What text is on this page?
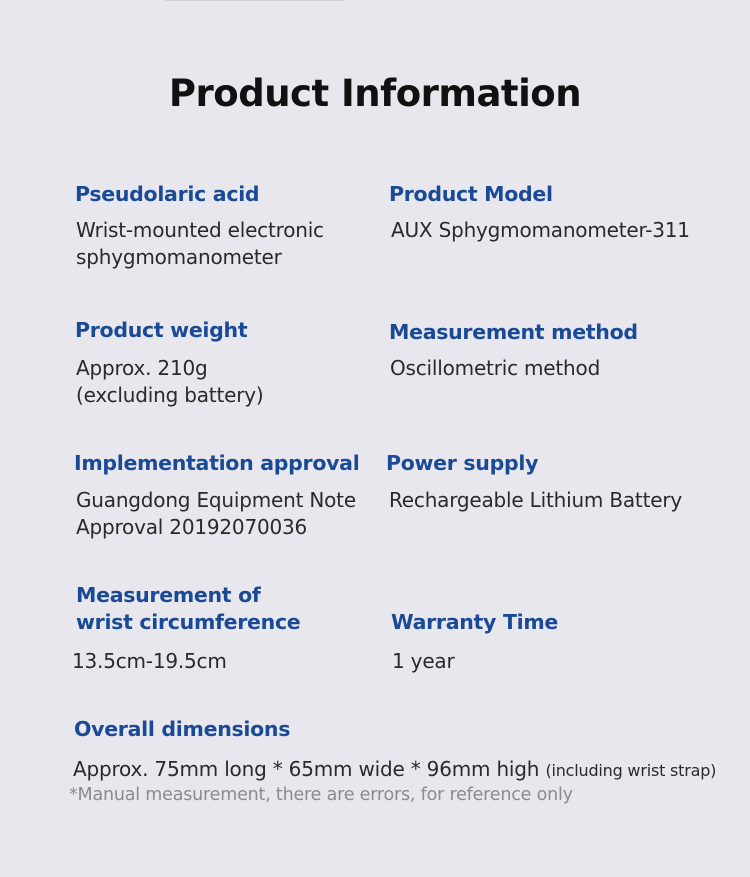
Product Information
Pseudolaric acid
Wrist-mounted electronic
sphygmomanometer
Product Model
AUX Sphygmomanometer-311
Product weight
Approx. 210g
(excluding battery)
Measurement method
Oscillometric method
Implementation approval
Guangdong Equipment Note
Approval 20192070036
Power supply
Rechargeable Lithium Battery
Measurement of
wrist circumference
13.5cm-19.5cm
Warranty Time
1 year
Overall dimensions
Approx. 75mm long * 65mm wide * 96mm high (including wrist strap)
*Manual measurement, there are errors, for reference only
